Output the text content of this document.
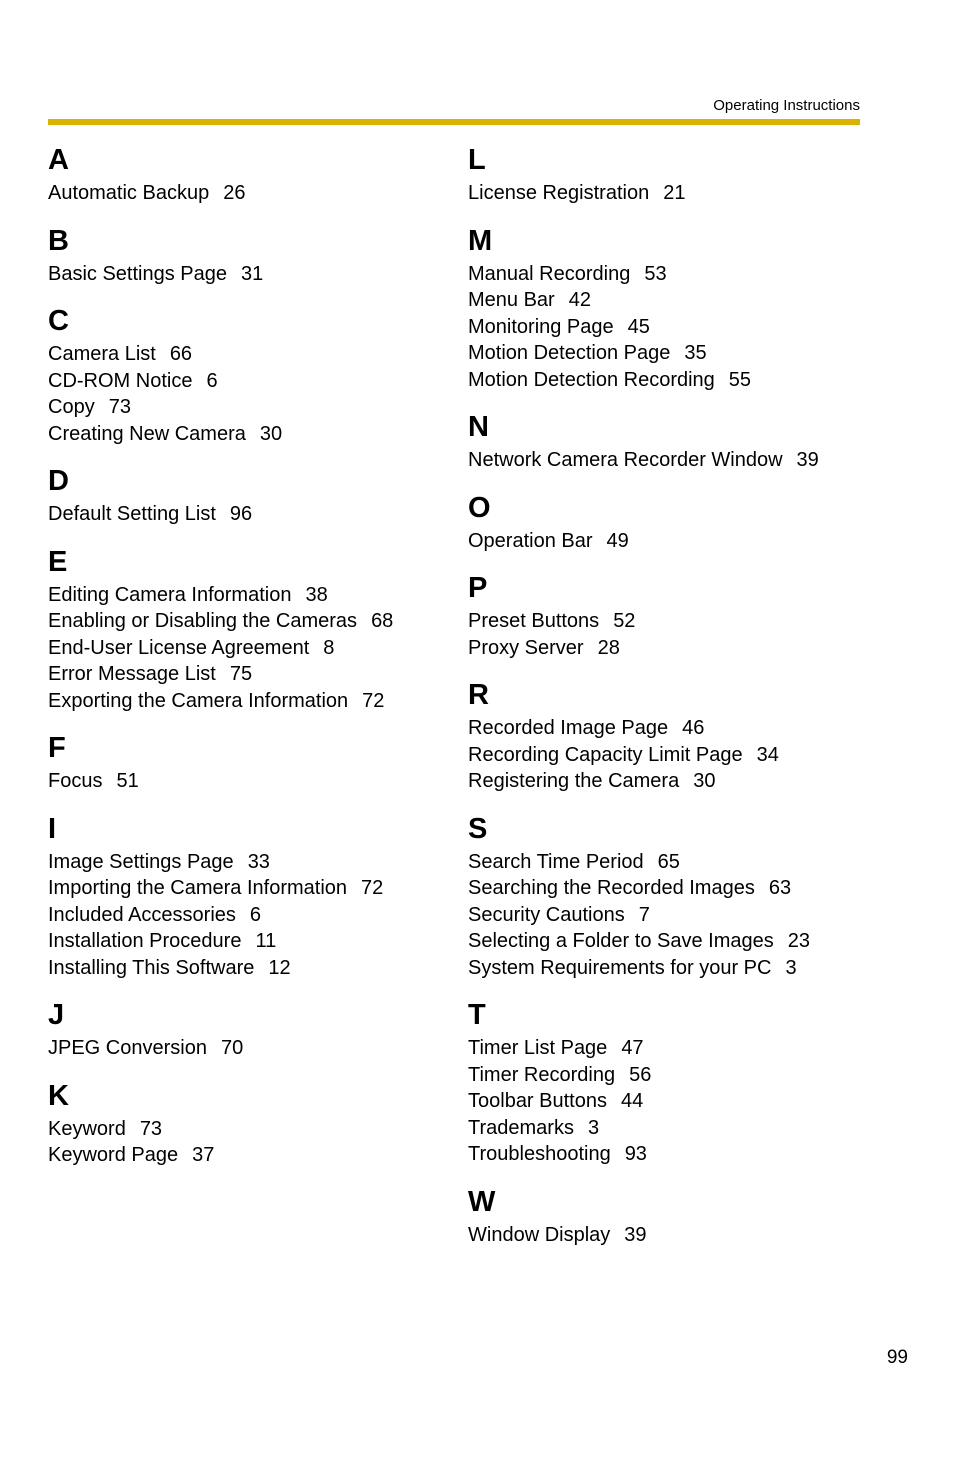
Operating Instructions
A
Automatic Backup 26
B
Basic Settings Page 31
C
Camera List 66
CD-ROM Notice 6
Copy 73
Creating New Camera 30
D
Default Setting List 96
E
Editing Camera Information 38
Enabling or Disabling the Cameras 68
End-User License Agreement 8
Error Message List 75
Exporting the Camera Information 72
F
Focus 51
I
Image Settings Page 33
Importing the Camera Information 72
Included Accessories 6
Installation Procedure 11
Installing This Software 12
J
JPEG Conversion 70
K
Keyword 73
Keyword Page 37
L
License Registration 21
M
Manual Recording 53
Menu Bar 42
Monitoring Page 45
Motion Detection Page 35
Motion Detection Recording 55
N
Network Camera Recorder Window 39
O
Operation Bar 49
P
Preset Buttons 52
Proxy Server 28
R
Recorded Image Page 46
Recording Capacity Limit Page 34
Registering the Camera 30
S
Search Time Period 65
Searching the Recorded Images 63
Security Cautions 7
Selecting a Folder to Save Images 23
System Requirements for your PC 3
T
Timer List Page 47
Timer Recording 56
Toolbar Buttons 44
Trademarks 3
Troubleshooting 93
W
Window Display 39
99
